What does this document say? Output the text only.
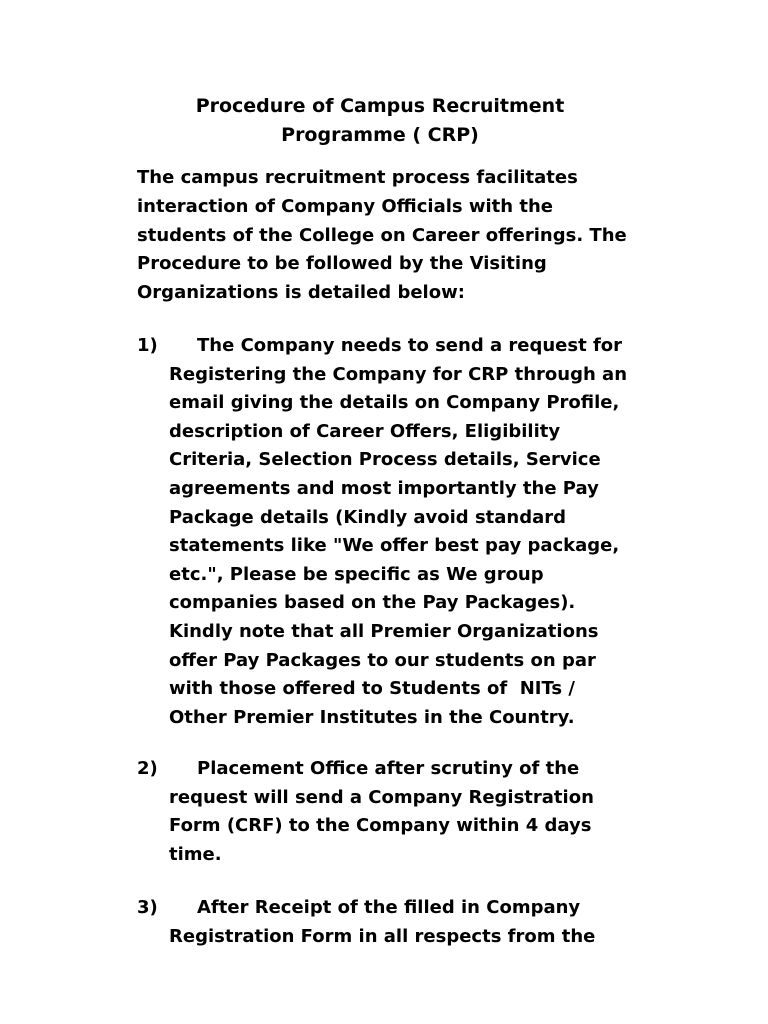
Procedure of Campus Recruitment
Programme ( CRP)

The campus recruitment process facilitates
interaction of Company Officials with the
students of the College on Career offerings. The
Procedure to be followed by the Visiting
Organizations is detailed below:

1) The Company needs to send a request for
Registering the Company for CRP through an
email giving the details on Company Profile,
description of Career Offers, Eligibility
Criteria, Selection Process details, Service
agreements and most importantly the Pay
Package details (Kindly avoid standard
statements like "We offer best pay package,
etc.", Please be specific as We group
companies based on the Pay Packages).
Kindly note that all Premier Organizations
offer Pay Packages to our students on par
with those offered to Students of  NITs /
Other Premier Institutes in the Country.
2) Placement Office after scrutiny of the
request will send a Company Registration
Form (CRF) to the Company within 4 days
time.
3) After Receipt of the filled in Company
Registration Form in all respects from the
